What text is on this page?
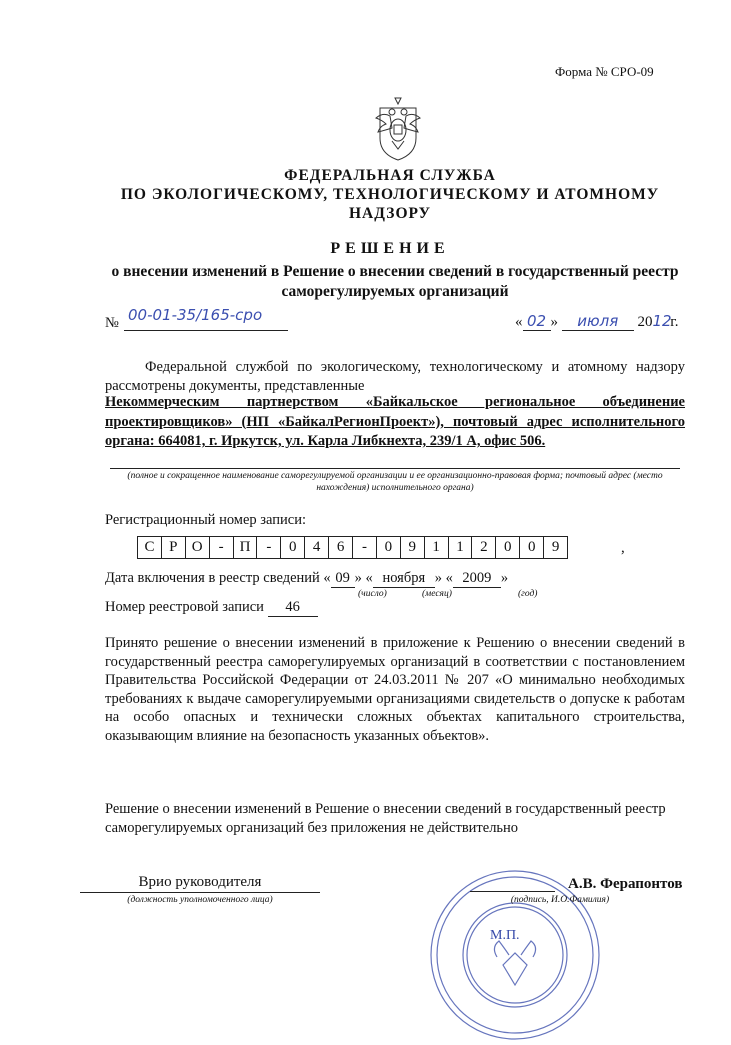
Форма № СРО-09
ФЕДЕРАЛЬНАЯ СЛУЖБА
ПО ЭКОЛОГИЧЕСКОМУ, ТЕХНОЛОГИЧЕСКОМУ И АТОМНОМУ
НАДЗОРУ
РЕШЕНИЕ
о внесении изменений в Решение о внесении сведений в государственный реестр саморегулируемых организаций
№ 00-01-35/165-сро	« 02 » июля 2012 г.
Федеральной службой по экологическому, технологическому и атомному надзору рассмотрены документы, представленные
Некоммерческим партнерством «Байкальское региональное объединение проектировщиков» (НП «БайкалРегионПроект»), почтовый адрес исполнительного органа: 664081, г. Иркутск, ул. Карла Либкнехта, 239/1 А, офис 506.
(полное и сокращенное наименование саморегулируемой организации и ее организационно-правовая форма; почтовый адрес (место нахождения) исполнительного органа)
Регистрационный номер записи:
С Р О	-	П	-	0	4	6	-	0	9	1	1	2	0	0	9	,
Дата включения в реестр сведений « 09 » « ноября » « 2009 »
(число)	(месяц)	(год)
Номер реестровой записи 46
Принято решение о внесении изменений в приложение к Решению о внесении сведений в государственный реестра саморегулируемых организаций в соответствии с постановлением Правительства Российской Федерации от 24.03.2011 № 207 «О минимально необходимых требованиях к выдаче саморегулируемыми организациями свидетельств о допуске к работам на особо опасных и технически сложных объектах капитального строительства, оказывающим влияние на безопасность указанных объектов».
Решение о внесении изменений в Решение о внесении сведений в государственный реестр саморегулируемых организаций без приложения не действительно
М.П.
Врио руководителя	А.В. Ферапонтов
(должность уполномоченного лица)	(подпись, И.О.Фамилия)
